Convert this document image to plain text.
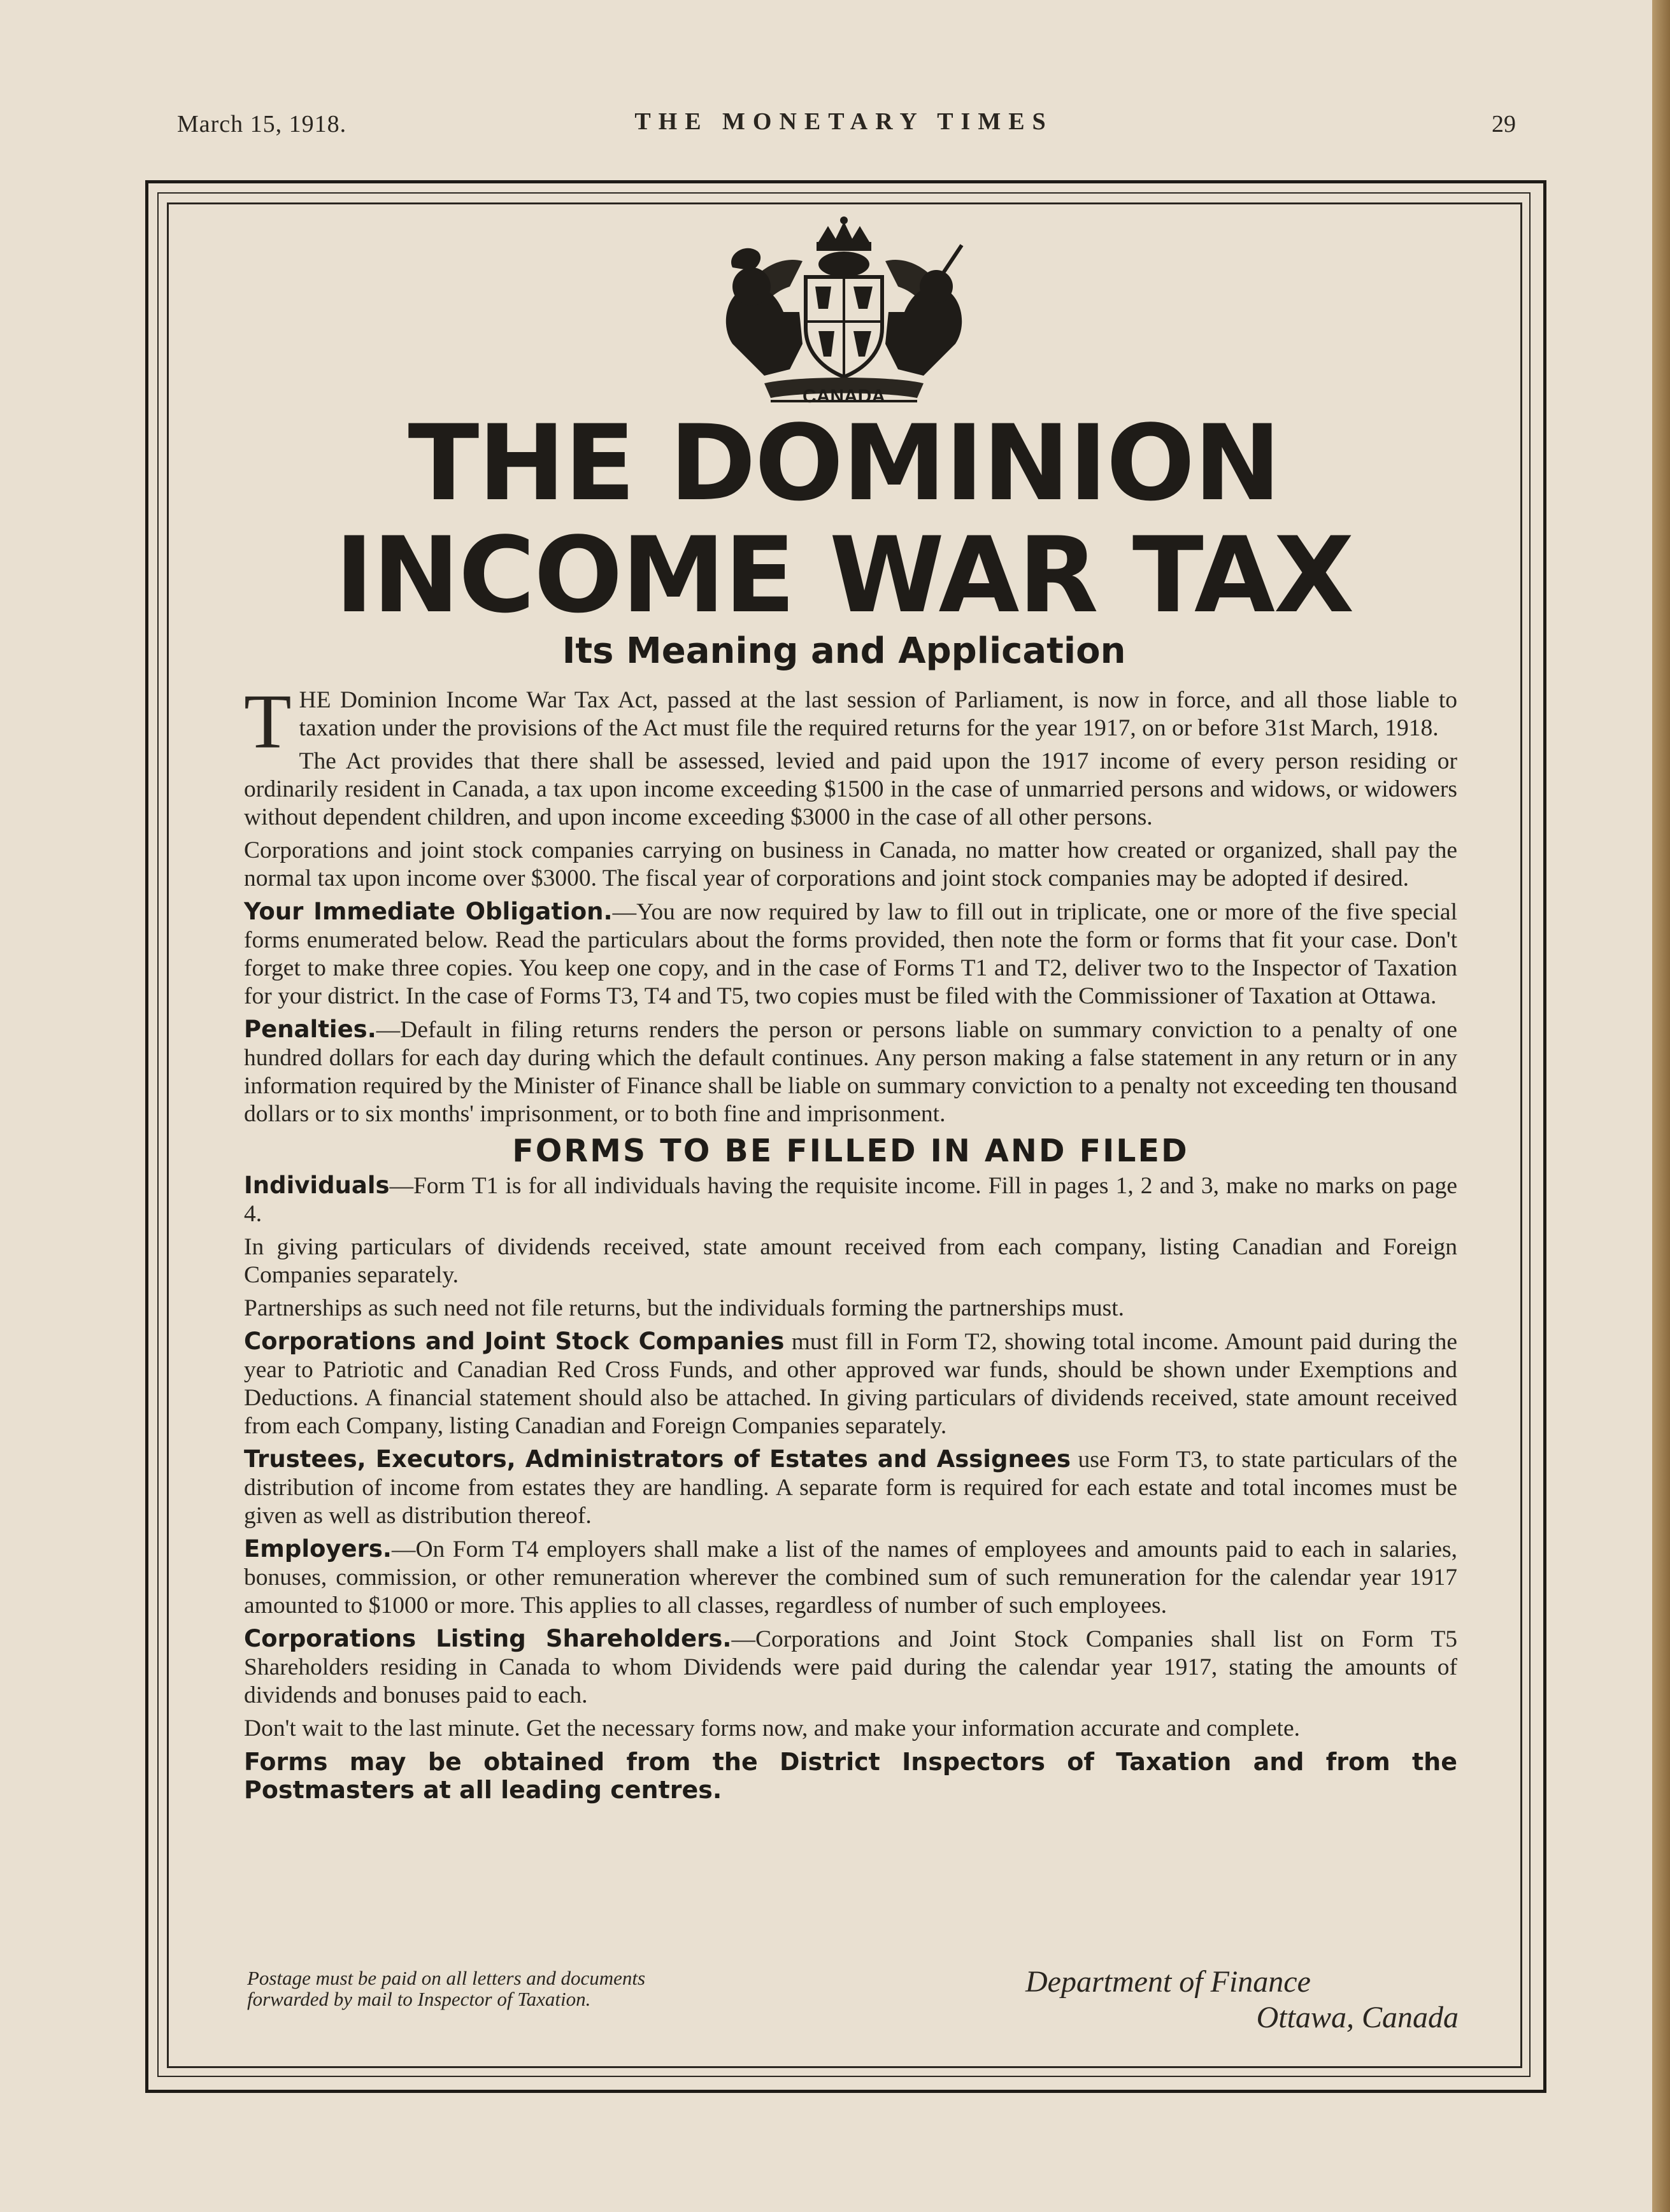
March 15, 1918.	THE MONETARY TIMES	29
CANADA
THE DOMINION
INCOME WAR TAX
Its Meaning and Application

THE Dominion Income War Tax Act, passed at the last session of Parliament, is now in force, and all those liable to taxation under the provisions of the Act must file the required returns for the year 1917, on or before 31st March, 1918.

The Act provides that there shall be assessed, levied and paid upon the 1917 income of every person residing or ordinarily resident in Canada, a tax upon income exceeding $1500 in the case of unmarried persons and widows, or widowers without dependent children, and upon income exceeding $3000 in the case of all other persons.

Corporations and joint stock companies carrying on business in Canada, no matter how created or organized, shall pay the normal tax upon income over $3000. The fiscal year of corporations and joint stock companies may be adopted if desired.

Your Immediate Obligation.—You are now required by law to fill out in triplicate, one or more of the five special forms enumerated below. Read the particulars about the forms provided, then note the form or forms that fit your case. Don't forget to make three copies. You keep one copy, and in the case of Forms T1 and T2, deliver two to the Inspector of Taxation for your district. In the case of Forms T3, T4 and T5, two copies must be filed with the Commissioner of Taxation at Ottawa.

Penalties.—Default in filing returns renders the person or persons liable on summary conviction to a penalty of one hundred dollars for each day during which the default continues. Any person making a false statement in any return or in any information required by the Minister of Finance shall be liable on summary conviction to a penalty not exceeding ten thousand dollars or to six months' imprisonment, or to both fine and imprisonment.

FORMS TO BE FILLED IN AND FILED

Individuals—Form T1 is for all individuals having the requisite income. Fill in pages 1, 2 and 3, make no marks on page 4.

In giving particulars of dividends received, state amount received from each company, listing Canadian and Foreign Companies separately.

Partnerships as such need not file returns, but the individuals forming the partnerships must.

Corporations and Joint Stock Companies must fill in Form T2, showing total income. Amount paid during the year to Patriotic and Canadian Red Cross Funds, and other approved war funds, should be shown under Exemptions and Deductions. A financial statement should also be attached. In giving particulars of dividends received, state amount received from each Company, listing Canadian and Foreign Companies separately.

Trustees, Executors, Administrators of Estates and Assignees use Form T3, to state particulars of the distribution of income from estates they are handling. A separate form is required for each estate and total incomes must be given as well as distribution thereof.

Employers.—On Form T4 employers shall make a list of the names of employees and amounts paid to each in salaries, bonuses, commission, or other remuneration wherever the combined sum of such remuneration for the calendar year 1917 amounted to $1000 or more. This applies to all classes, regardless of number of such employees.

Corporations Listing Shareholders.—Corporations and Joint Stock Companies shall list on Form T5 Shareholders residing in Canada to whom Dividends were paid during the calendar year 1917, stating the amounts of dividends and bonuses paid to each.

Don't wait to the last minute. Get the necessary forms now, and make your information accurate and complete.

Forms may be obtained from the District Inspectors of Taxation and from the Postmasters at all leading centres.

Postage must be paid on all letters and documents forwarded by mail to Inspector of Taxation.
Department of Finance
Ottawa, Canada
